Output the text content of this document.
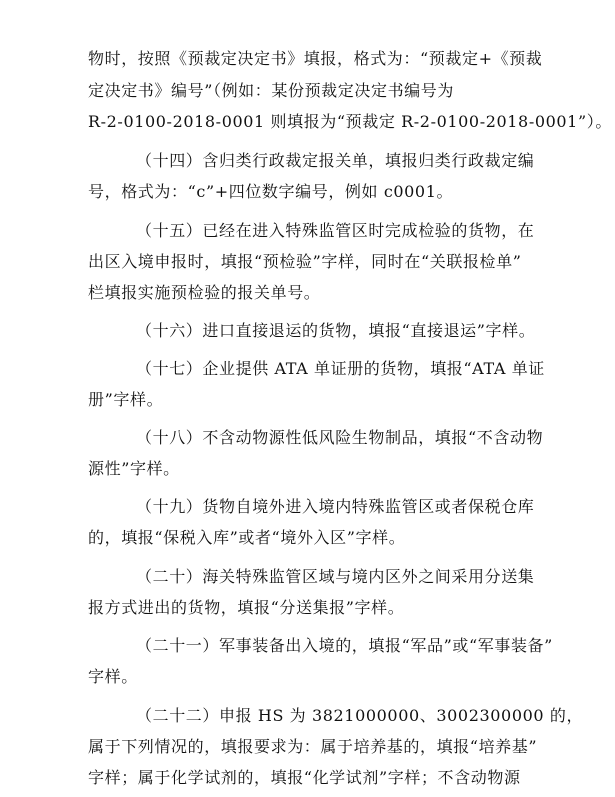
物时，按照《预裁定决定书》填报，格式为：“预裁定+《预裁
定决定书》编号”（例如：某份预裁定决定书编号为
R-2-0100-2018-0001 则填报为“预裁定 R-2-0100-2018-0001”）。
（十四）含归类行政裁定报关单，填报归类行政裁定编
号，格式为：“c”+四位数字编号，例如 c0001。
（十五）已经在进入特殊监管区时完成检验的货物，在
出区入境申报时，填报“预检验”字样，同时在“关联报检单”
栏填报实施预检验的报关单号。
（十六）进口直接退运的货物，填报“直接退运”字样。
（十七）企业提供 ATA 单证册的货物，填报“ATA 单证
册”字样。
（十八）不含动物源性低风险生物制品，填报“不含动物
源性”字样。
（十九）货物自境外进入境内特殊监管区或者保税仓库
的，填报“保税入库”或者“境外入区”字样。
（二十）海关特殊监管区域与境内区外之间采用分送集
报方式进出的货物，填报“分送集报”字样。
（二十一）军事装备出入境的，填报“军品”或“军事装备”
字样。
（二十二）申报 HS 为 3821000000、3002300000 的，
属于下列情况的，填报要求为：属于培养基的，填报“培养基”
字样；属于化学试剂的，填报“化学试剂”字样；不含动物源
